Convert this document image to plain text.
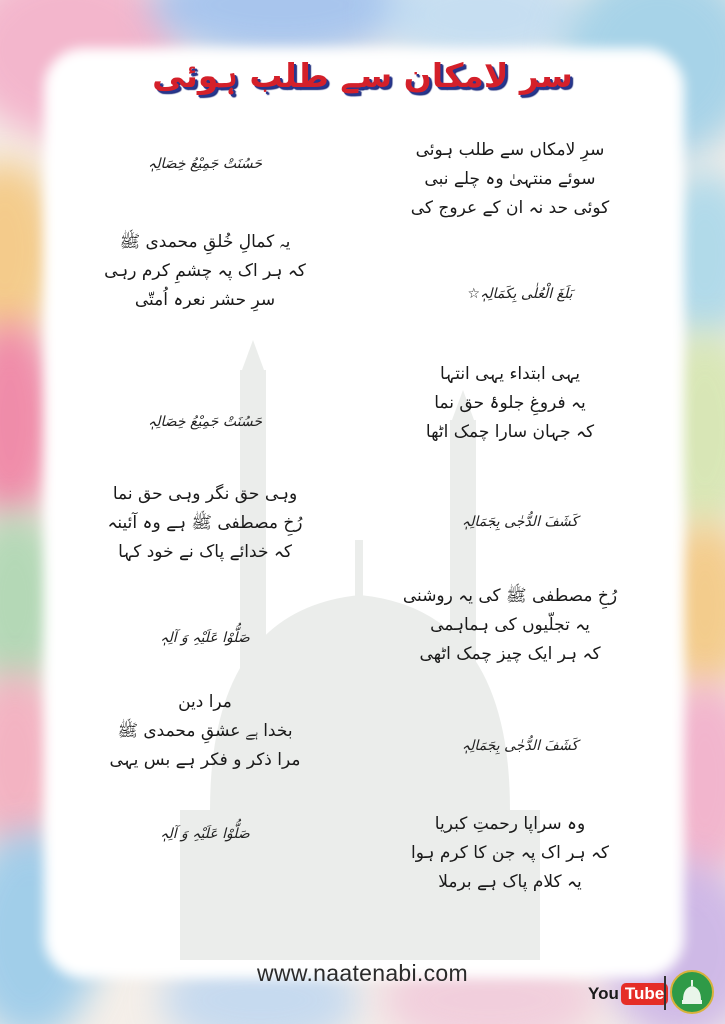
سر لامکان سے طلب ہوئی
سرِ لامکاں سے طلب ہوئی
سوئے منتہیٰ وہ چلے نبی
کوئی حد نہ ان کے عروج کی
بَلَغَ الْعُلٰی بِکَمَالِہٖ☆
یہی ابتداء یہی انتہا
یہ فروغِ جلوۂ حق نما
کہ جہان سارا چمک اٹھا
کَشَفَ الدُّجٰی بِجَمَالِہٖ
رُخِ مصطفی ﷺ کی یہ روشنی
یہ تجلّیوں کی ہماہمی
کہ ہر ایک چیز چمک اٹھی
کَشَفَ الدُّجٰی بِجَمَالِہٖ
وہ سراپا رحمتِ کبریا
کہ ہر اک پہ جن کا کرم ہوا
یہ کلام پاک ہے برملا
حَسُنَتْ جَمِیْعُ خِصَالِہٖ
یہ کمالِ خُلقِ محمدی ﷺ
کہ ہر اک پہ چشمِ کرم رہی
سرِ حشر نعرہ اُمتّی
حَسُنَتْ جَمِیْعُ خِصَالِہٖ
وہی حق نگر وہی حق نما
رُخِ مصطفی ﷺ ہے وہ آئینہ
کہ خدائے پاک نے خود کہا
صَلُّوْا عَلَیْہِ وَ آلِہٖ
مرا دین
بخدا ہے عشقِ محمدی ﷺ
مرا ذکر و فکر ہے بس یہی
صَلُّوْا عَلَیْہِ وَ آلِہٖ
www.naatenabi.com
You Tube
